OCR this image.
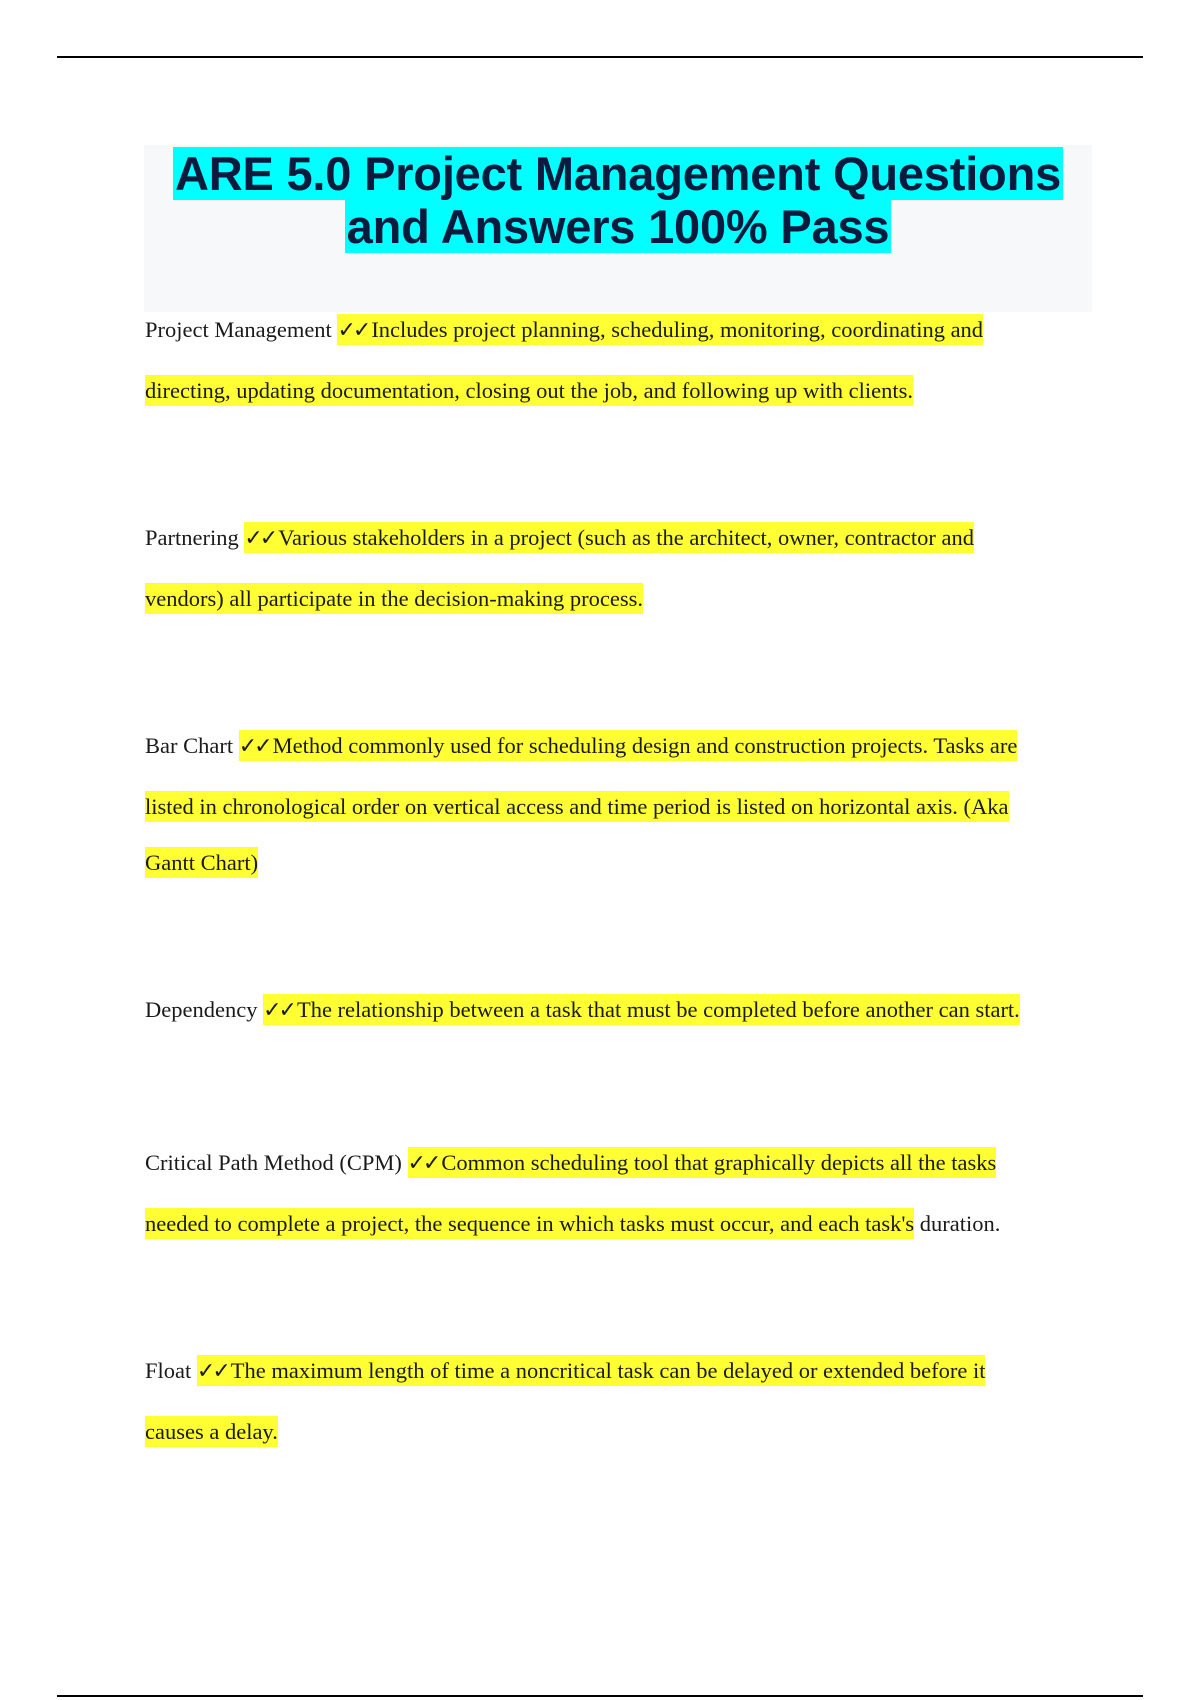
ARE 5.0 Project Management Questions
and Answers 100% Pass
Project Management ✓✓ Includes project planning, scheduling, monitoring, coordinating and
directing, updating documentation, closing out the job, and following up with clients.
Partnering ✓✓ Various stakeholders in a project (such as the architect, owner, contractor and
vendors) all participate in the decision-making process.
Bar Chart ✓✓ Method commonly used for scheduling design and construction projects. Tasks are
listed in chronological order on vertical access and time period is listed on horizontal axis. (Aka
Gantt Chart)
Dependency ✓✓ The relationship between a task that must be completed before another can start.
Critical Path Method (CPM) ✓✓ Common scheduling tool that graphically depicts all the tasks
needed to complete a project, the sequence in which tasks must occur, and each task's duration.
Float ✓✓ The maximum length of time a noncritical task can be delayed or extended before it
causes a delay.
